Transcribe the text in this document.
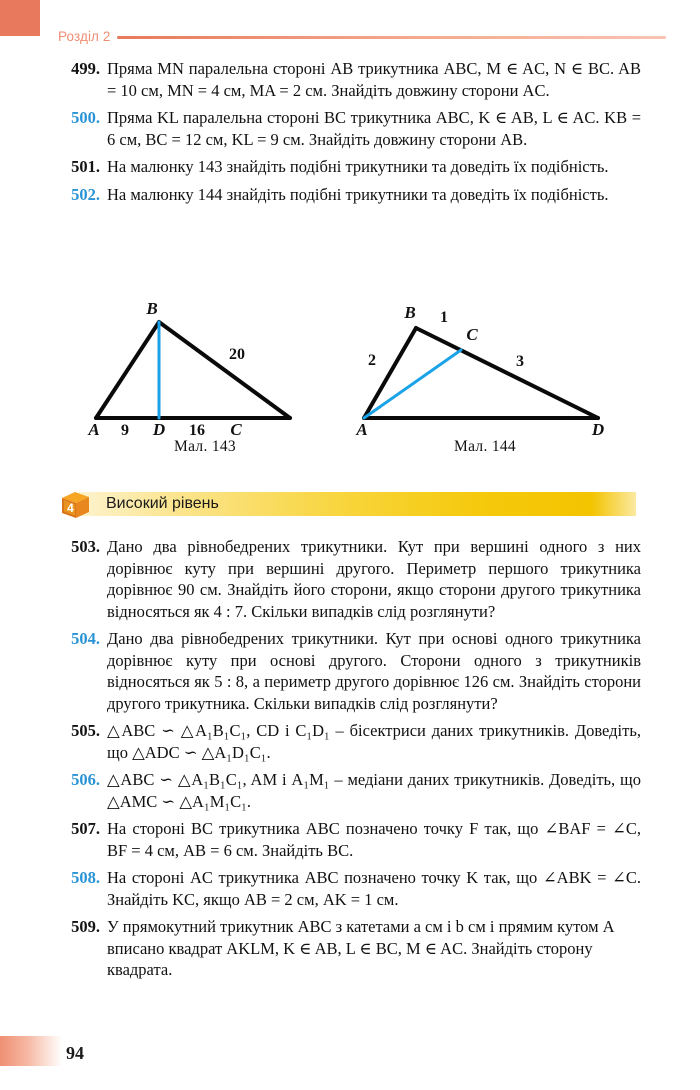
Розділ 2
499. Пряма MN паралельна стороні AB трикутника ABC, M ∈ AC, N ∈ BC. AB = 10 см, MN = 4 см, MA = 2 см. Знайдіть довжину сторони AC.
500. Пряма KL паралельна стороні BC трикутника ABC, K ∈ AB, L ∈ AC. KB = 6 см, BC = 12 см, KL = 9 см. Знайдіть довжину сторони AB.
501. На малюнку 143 знайдіть подібні трикутники та доведіть їх подібність.
502. На малюнку 144 знайдіть подібні трикутники та доведіть їх подібність.
B
A	D	C
9	16
20
Мал. 143
B
C
A	D
2
1
3
Мал. 144
4 Високий рівень
503. Дано два рівнобедрених трикутники. Кут при вершині одного з них дорівнює куту при вершині другого. Периметр першого трикутника дорівнює 90 см. Знайдіть його сторони, якщо сторони другого трикутника відносяться як 4 : 7. Скільки випадків слід розглянути?
504. Дано два рівнобедрених трикутники. Кут при основі одного трикутника дорівнює куту при основі другого. Сторони одного з трикутників відносяться як 5 : 8, а периметр другого дорівнює 126 см. Знайдіть сторони другого трикутника. Скільки випадків слід розглянути?
505. △ABC ∽ △A₁B₁C₁, CD і C₁D₁ – бісектриси даних трикутників. Доведіть, що △ADC ∽ △A₁D₁C₁.
506. △ABC ∽ △A₁B₁C₁, AM і A₁M₁ – медіани даних трикутників. Доведіть, що △AMC ∽ △A₁M₁C₁.
507. На стороні BC трикутника ABC позначено точку F так, що ∠BAF = ∠C, BF = 4 см, AB = 6 см. Знайдіть BC.
508. На стороні AC трикутника ABC позначено точку K так, що ∠ABK = ∠C. Знайдіть KC, якщо AB = 2 см, AK = 1 см.
509. У прямокутний трикутник ABC з катетами a см і b см і прямим кутом A вписано квадрат AKLM, K ∈ AB, L ∈ BC, M ∈ AC. Знайдіть сторону квадрата.
94
